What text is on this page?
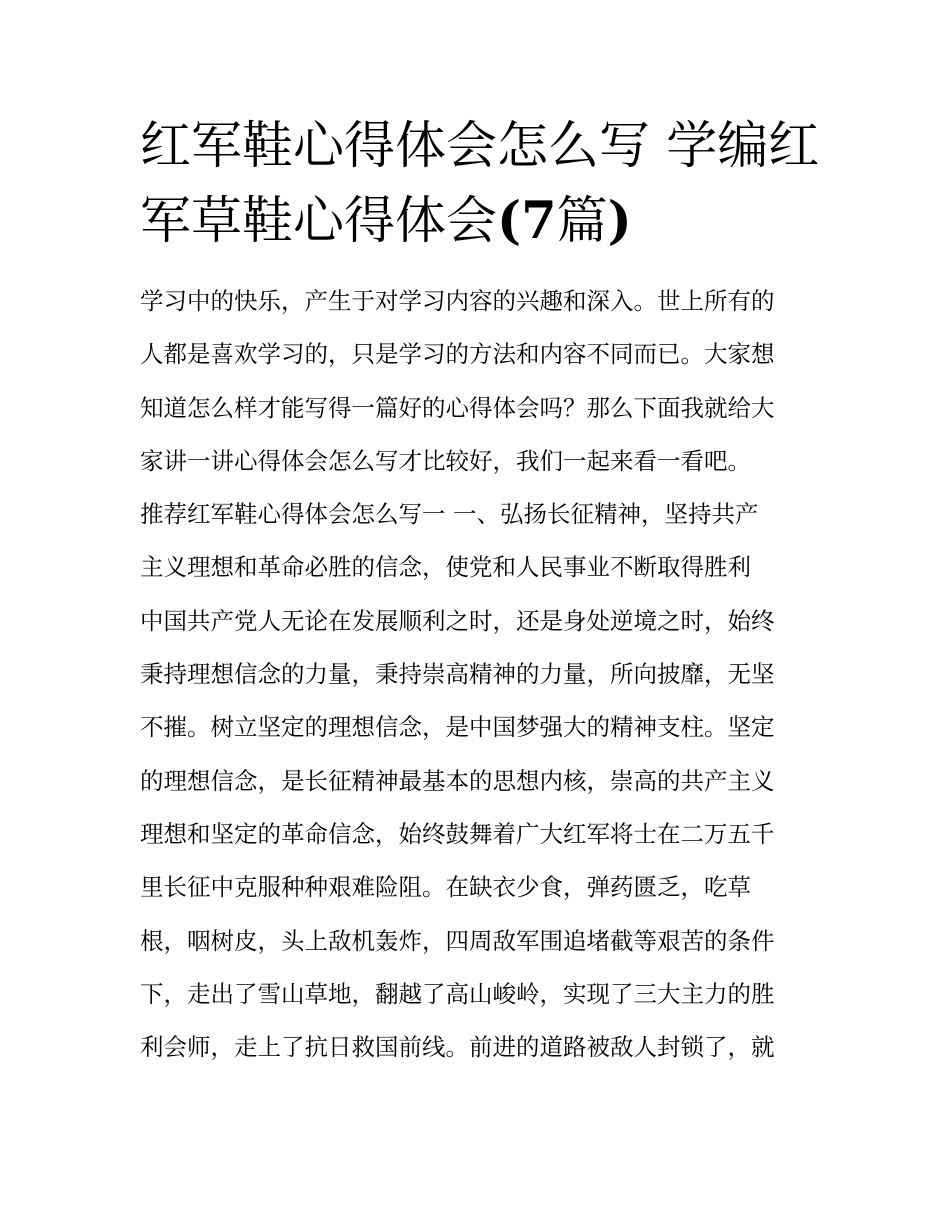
红军鞋心得体会怎么写 学编红
军草鞋心得体会(7篇)
学习中的快乐，产生于对学习内容的兴趣和深入。世上所有的
人都是喜欢学习的，只是学习的方法和内容不同而已。大家想
知道怎么样才能写得一篇好的心得体会吗？那么下面我就给大
家讲一讲心得体会怎么写才比较好，我们一起来看一看吧。
推荐红军鞋心得体会怎么写一 一、弘扬长征精神，坚持共产
主义理想和革命必胜的信念，使党和人民事业不断取得胜利
中国共产党人无论在发展顺利之时，还是身处逆境之时，始终
秉持理想信念的力量，秉持崇高精神的力量，所向披靡，无坚
不摧。树立坚定的理想信念，是中国梦强大的精神支柱。坚定
的理想信念，是长征精神最基本的思想内核，崇高的共产主义
理想和坚定的革命信念，始终鼓舞着广大红军将士在二万五千
里长征中克服种种艰难险阻。在缺衣少食，弹药匮乏，吃草
根，咽树皮，头上敌机轰炸，四周敌军围追堵截等艰苦的条件
下，走出了雪山草地，翻越了高山峻岭，实现了三大主力的胜
利会师，走上了抗日救国前线。前进的道路被敌人封锁了，就
